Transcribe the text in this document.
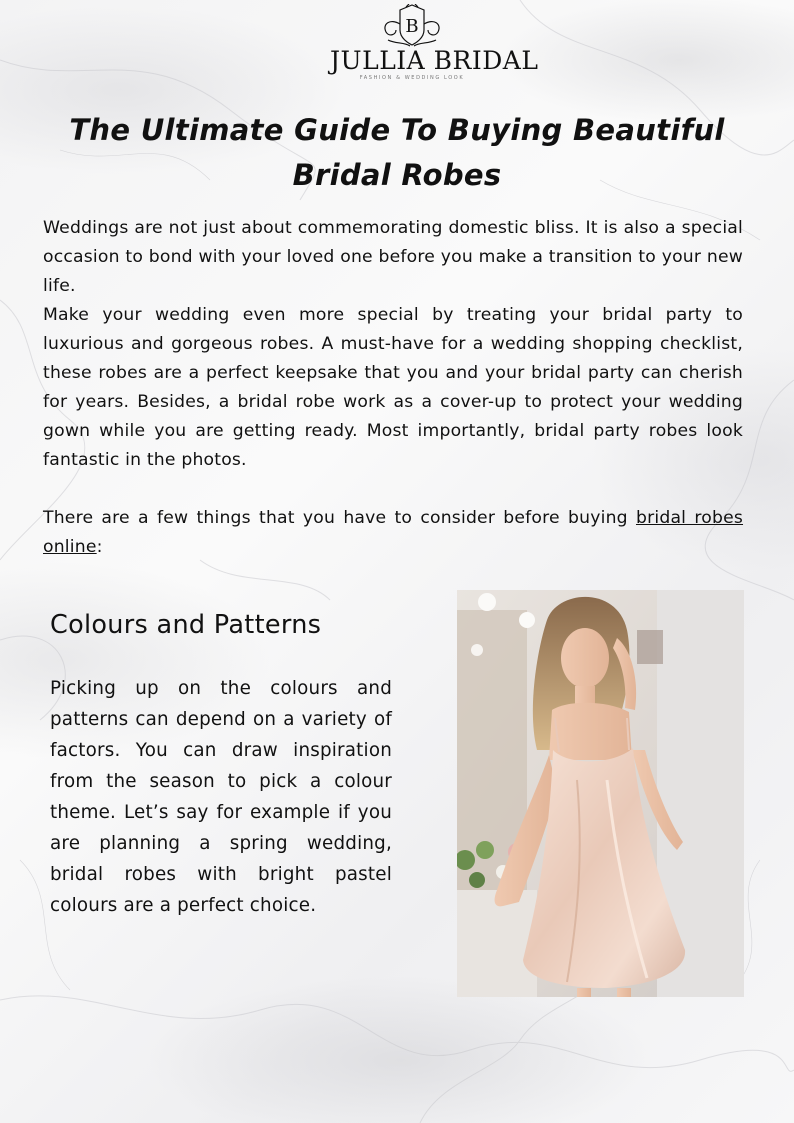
B
JULLIA BRIDAL
FASHION & WEDDING LOOK
The Ultimate Guide To Buying Beautiful Bridal Robes

Weddings are not just about commemorating domestic bliss. It is also a special occasion to bond with your loved one before you make a transition to your new life.

Make your wedding even more special by treating your bridal party to luxurious and gorgeous robes. A must-have for a wedding shopping checklist, these robes are a perfect keepsake that you and your bridal party can cherish for years. Besides, a bridal robe work as a cover-up to protect your wedding gown while you are getting ready. Most importantly, bridal party robes look fantastic in the photos.

There are a few things that you have to consider before buying bridal robes online:

Colours and Patterns

Picking up on the colours and patterns can depend on a variety of factors. You can draw inspiration from the season to pick a colour theme. Let’s say for example if you are planning a spring wedding, bridal robes with bright pastel colours are a perfect choice.
